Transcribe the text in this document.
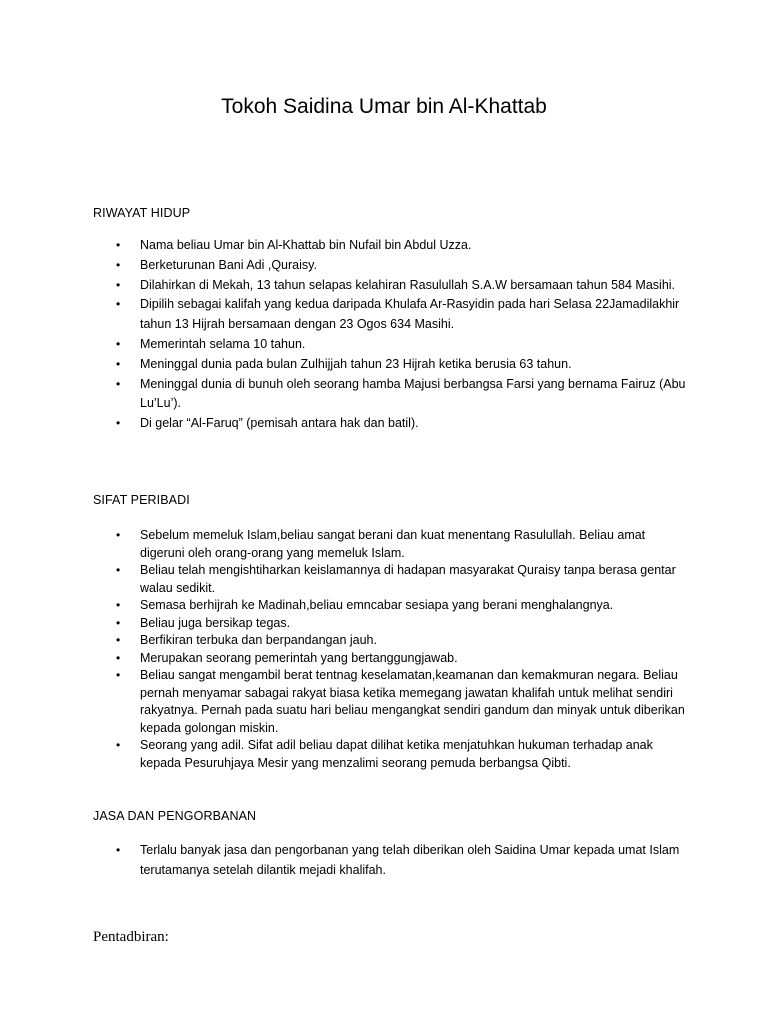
Tokoh Saidina Umar bin Al-Khattab
RIWAYAT HIDUP
• Nama beliau Umar bin Al-Khattab bin Nufail bin Abdul Uzza.
• Berketurunan Bani Adi ,Quraisy.
• Dilahirkan di Mekah, 13 tahun selapas kelahiran Rasulullah S.A.W bersamaan tahun 584 Masihi.
• Dipilih sebagai kalifah yang kedua daripada Khulafa Ar-Rasyidin pada hari Selasa 22Jamadilakhir tahun 13 Hijrah bersamaan dengan 23 Ogos 634 Masihi.
• Memerintah selama 10 tahun.
• Meninggal dunia pada bulan Zulhijjah tahun 23 Hijrah ketika berusia 63 tahun.
• Meninggal dunia di bunuh oleh seorang hamba Majusi berbangsa Farsi yang bernama Fairuz (Abu Lu’Lu’).
• Di gelar “Al-Faruq” (pemisah antara hak dan batil).
SIFAT PERIBADI
• Sebelum memeluk Islam,beliau sangat berani dan kuat menentang Rasulullah. Beliau amat digeruni oleh orang-orang yang memeluk Islam.
• Beliau telah mengishtiharkan keislamannya di hadapan masyarakat Quraisy tanpa berasa gentar walau sedikit.
• Semasa berhijrah ke Madinah,beliau emncabar sesiapa yang berani menghalangnya.
• Beliau juga bersikap tegas.
• Berfikiran terbuka dan berpandangan jauh.
• Merupakan seorang pemerintah yang bertanggungjawab.
• Beliau sangat mengambil berat tentnag keselamatan,keamanan dan kemakmuran negara. Beliau pernah menyamar sabagai rakyat biasa ketika memegang jawatan khalifah untuk melihat sendiri rakyatnya. Pernah pada suatu hari beliau mengangkat sendiri gandum dan minyak untuk diberikan kepada golongan miskin.
• Seorang yang adil. Sifat adil beliau dapat dilihat ketika menjatuhkan hukuman terhadap anak kepada Pesuruhjaya Mesir yang menzalimi seorang pemuda berbangsa Qibti.
JASA DAN PENGORBANAN
• Terlalu banyak jasa dan pengorbanan yang telah diberikan oleh Saidina Umar kepada umat Islam terutamanya setelah dilantik mejadi khalifah.
Pentadbiran:
